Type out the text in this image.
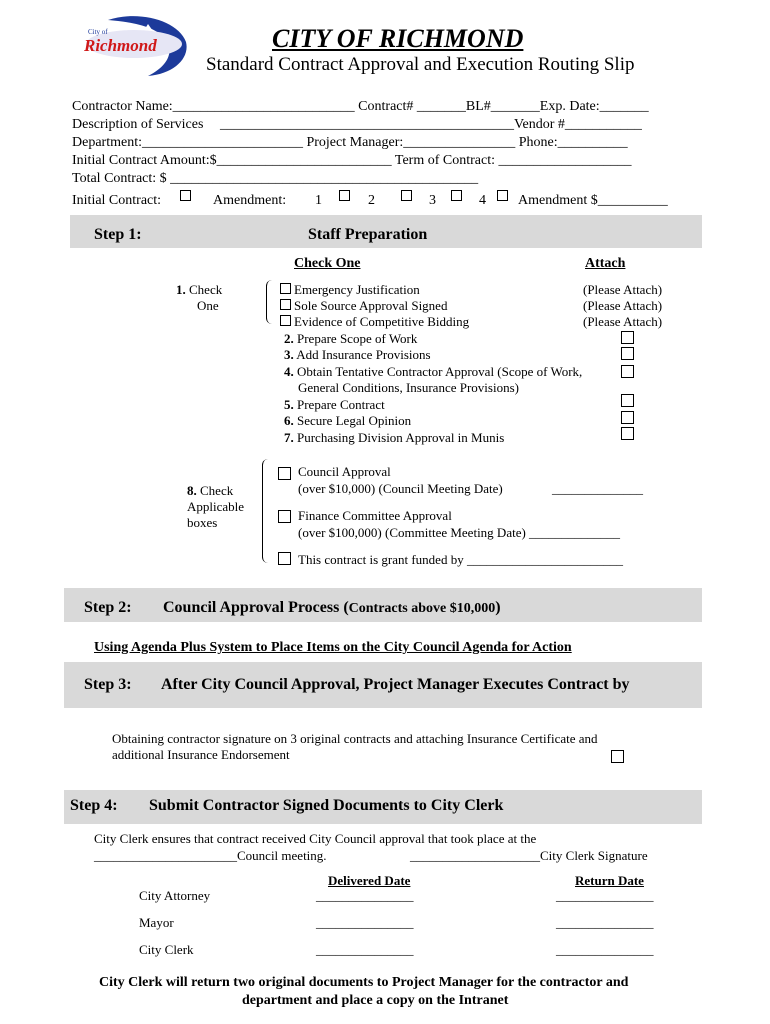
City of
Richmond	CITY OF RICHMOND
Standard Contract Approval and Execution Routing Slip
Contractor Name:__________________________ Contract# _______BL#_______Exp. Date:_______
Description of Services __________________________________________Vendor #___________
Department:_______________________ Project Manager:________________ Phone:__________
Initial Contract Amount:$_________________________ Term of Contract: ___________________
Total Contract: $ ____________________________________________
Initial Contract:	Amendment: 1	2	3	4 Amendment $__________
Step 1:	Staff Preparation
Check One	Attach
1. Check
One
Emergency Justification
Sole Source Approval Signed
Evidence of Competitive Bidding
(Please Attach)
(Please Attach)
(Please Attach)
2. Prepare Scope of Work
3. Add Insurance Provisions
4. Obtain Tentative Contractor Approval (Scope of Work,
General Conditions, Insurance Provisions)
5. Prepare Contract
6. Secure Legal Opinion
7. Purchasing Division Approval in Munis
8. Check
Applicable
boxes
Council Approval
(over $10,000) (Council Meeting Date)	______________
Finance Committee Approval
(over $100,000) (Committee Meeting Date) ______________
This contract is grant funded by ________________________
Step 2: Council Approval Process (Contracts above $10,000)
Using Agenda Plus System to Place Items on the City Council Agenda for Action
Step 3: After City Council Approval, Project Manager Executes Contract by
Obtaining contractor signature on 3 original contracts and attaching Insurance Certificate and
additional Insurance Endorsement
Step 4: Submit Contractor Signed Documents to City Clerk
City Clerk ensures that contract received City Council approval that took place at the
______________________Council meeting.	____________________City Clerk Signature
Delivered Date	Return Date
City Attorney	_______________	_______________
Mayor	_______________	_______________
City Clerk	_______________	_______________
City Clerk will return two original documents to Project Manager for the contractor and
department and place a copy on the Intranet
